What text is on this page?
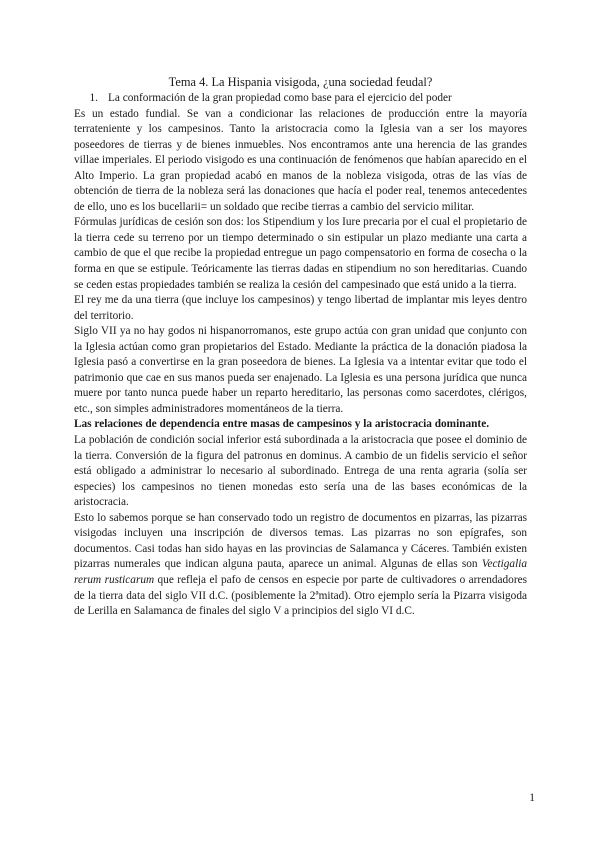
Tema 4. La Hispania visigoda, ¿una sociedad feudal?
1. La conformación de la gran propiedad como base para el ejercicio del poder

Es un estado fundial. Se van a condicionar las relaciones de producción entre la mayoría terrateniente y los campesinos. Tanto la aristocracia como la Iglesia van a ser los mayores poseedores de tierras y de bienes inmuebles. Nos encontramos ante una herencia de las grandes villae imperiales. El periodo visigodo es una continuación de fenómenos que habían aparecido en el Alto Imperio. La gran propiedad acabó en manos de la nobleza visigoda, otras de las vías de obtención de tierra de la nobleza será las donaciones que hacía el poder real, tenemos antecedentes de ello, uno es los bucellarii= un soldado que recibe tierras a cambio del servicio militar.

Fórmulas jurídicas de cesión son dos: los Stipendium y los Iure precaria por el cual el propietario de la tierra cede su terreno por un tiempo determinado o sin estipular un plazo mediante una carta a cambio de que el que recibe la propiedad entregue un pago compensatorio en forma de cosecha o la forma en que se estipule. Teóricamente las tierras dadas en stipendium no son hereditarias. Cuando se ceden estas propiedades también se realiza la cesión del campesinado que está unido a la tierra.

El rey me da una tierra (que incluye los campesinos) y tengo libertad de implantar mis leyes dentro del territorio.

Siglo VII ya no hay godos ni hispanorromanos, este grupo actúa con gran unidad que conjunto con la Iglesia actúan como gran propietarios del Estado. Mediante la práctica de la donación piadosa la Iglesia pasó a convertirse en la gran poseedora de bienes. La Iglesia va a intentar evitar que todo el patrimonio que cae en sus manos pueda ser enajenado. La Iglesia es una persona jurídica que nunca muere por tanto nunca puede haber un reparto hereditario, las personas como sacerdotes, clérigos, etc., son simples administradores momentáneos de la tierra.

Las relaciones de dependencia entre masas de campesinos y la aristocracia dominante.

La población de condición social inferior está subordinada a la aristocracia que posee el dominio de la tierra. Conversión de la figura del patronus en dominus. A cambio de un fidelis servicio el señor está obligado a administrar lo necesario al subordinado. Entrega de una renta agraria (solía ser especies) los campesinos no tienen monedas esto sería una de las bases económicas de la aristocracia.

Esto lo sabemos porque se han conservado todo un registro de documentos en pizarras, las pizarras visigodas incluyen una inscripción de diversos temas. Las pizarras no son epígrafes, son documentos. Casi todas han sido hayas en las provincias de Salamanca y Cáceres. También existen pizarras numerales que indican alguna pauta, aparece un animal. Algunas de ellas son Vectigalia rerum rusticarum que refleja el pafo de censos en especie por parte de cultivadores o arrendadores de la tierra data del siglo VII d.C. (posiblemente la 2ªmitad). Otro ejemplo sería la Pizarra visigoda de Lerilla en Salamanca de finales del siglo V a principios del siglo VI d.C.

1
